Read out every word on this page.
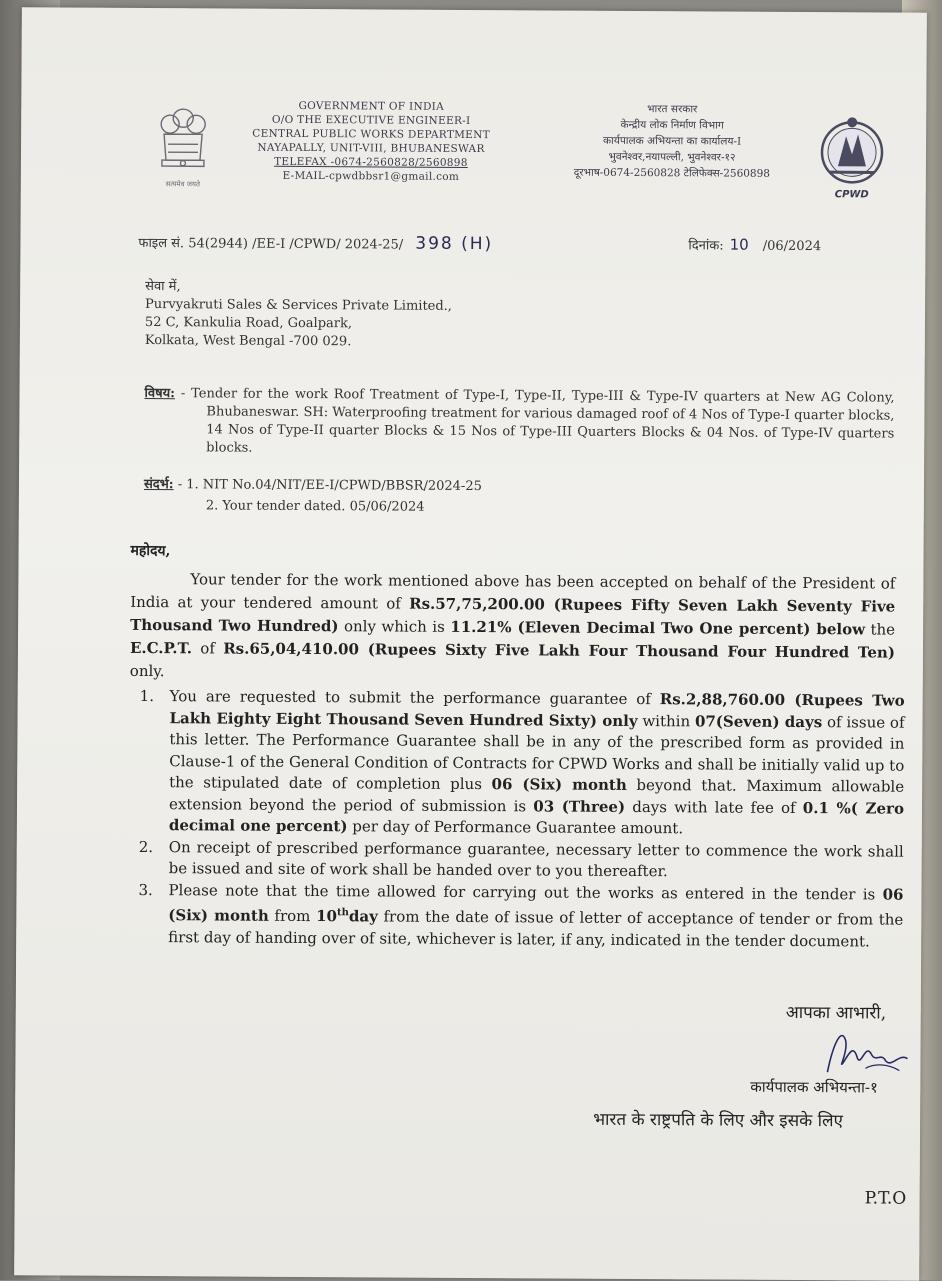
सत्यमेव जयते
GOVERNMENT OF INDIA
O/O THE EXECUTIVE ENGINEER-I
CENTRAL PUBLIC WORKS DEPARTMENT
NAYAPALLY, UNIT-VIII, BHUBANESWAR
TELEFAX -0674-2560828/2560898
E-MAIL-cpwdbbsr1@gmail.com
भारत सरकार
केन्द्रीय लोक निर्माण विभाग
कार्यपालक अभियन्ता का कार्यालय-I
भुवनेश्वर,नयापल्ली, भुवनेश्वर-१२
दूरभाष-0674-2560828 टेलिफेक्स-2560898
CPWD
फाइल सं. 54(2944) /EE-I /CPWD/ 2024-25/ 398 (H)	दिनांक: 10 /06/2024
सेवा में,
Purvyakruti Sales & Services Private Limited.,
52 C, Kankulia Road, Goalpark,
Kolkata, West Bengal -700 029.
विषय: - Tender for the work Roof Treatment of Type-I, Type-II, Type-III & Type-IV quarters at New AG Colony, Bhubaneswar. SH: Waterproofing treatment for various damaged roof of 4 Nos of Type-I quarter blocks, 14 Nos of Type-II quarter Blocks & 15 Nos of Type-III Quarters Blocks & 04 Nos. of Type-IV quarters blocks.
संदर्भ: - 1. NIT No.04/NIT/EE-I/CPWD/BBSR/2024-25
2. Your tender dated. 05/06/2024
महोदय,
Your tender for the work mentioned above has been accepted on behalf of the President of India at your tendered amount of Rs.57,75,200.00 (Rupees Fifty Seven Lakh Seventy Five Thousand Two Hundred) only which is 11.21% (Eleven Decimal Two One percent) below the E.C.P.T. of Rs.65,04,410.00 (Rupees Sixty Five Lakh Four Thousand Four Hundred Ten) only.
1. You are requested to submit the performance guarantee of Rs.2,88,760.00 (Rupees Two Lakh Eighty Eight Thousand Seven Hundred Sixty) only within 07(Seven) days of issue of this letter. The Performance Guarantee shall be in any of the prescribed form as provided in Clause-1 of the General Condition of Contracts for CPWD Works and shall be initially valid up to the stipulated date of completion plus 06 (Six) month beyond that. Maximum allowable extension beyond the period of submission is 03 (Three) days with late fee of 0.1 %( Zero decimal one percent) per day of Performance Guarantee amount.
2. On receipt of prescribed performance guarantee, necessary letter to commence the work shall be issued and site of work shall be handed over to you thereafter.
3. Please note that the time allowed for carrying out the works as entered in the tender is 06 (Six) month from 10thday from the date of issue of letter of acceptance of tender or from the first day of handing over of site, whichever is later, if any, indicated in the tender document.
आपका आभारी,
कार्यपालक अभियन्ता-१
भारत के राष्ट्रपति के लिए और इसके लिए
P.T.O
